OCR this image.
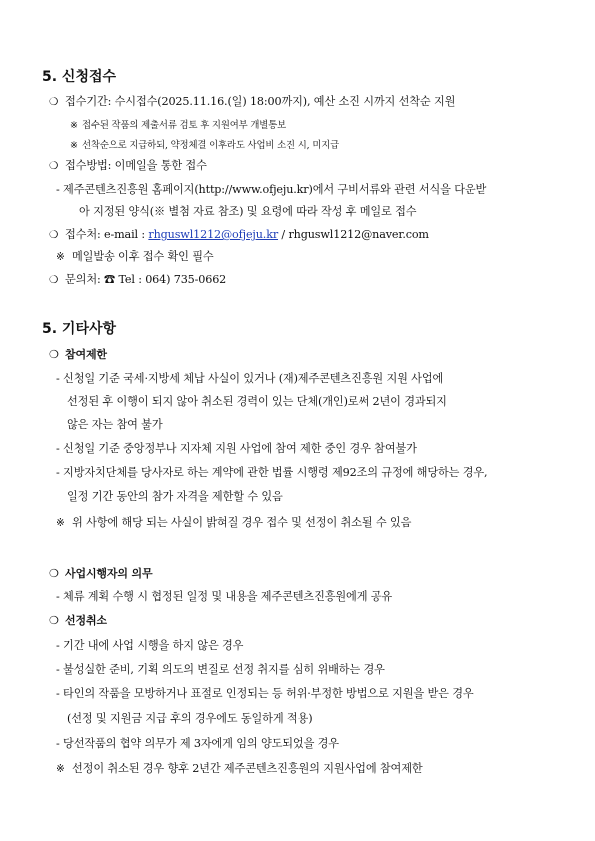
5. 신청접수
❍ 접수기간: 수시접수(2025.11.16.(일) 18:00까지), 예산 소진 시까지 선착순 지원
※ 접수된 작품의 제출서류 검토 후 지원여부 개별통보
※ 선착순으로 지급하되, 약정체결 이후라도 사업비 소진 시, 미지급
❍ 접수방법: 이메일을 통한 접수
- 제주콘텐츠진흥원 홈페이지(http://www.ofjeju.kr)에서 구비서류와 관련 서식을 다운받
아 지정된 양식(※ 별첨 자료 참조) 및 요령에 따라 작성 후 메일로 접수
❍ 접수처: e-mail : rhguswl1212@ofjeju.kr / rhguswl1212@naver.com
※ 메일발송 이후 접수 확인 필수
❍ 문의처: ☎ Tel : 064) 735-0662
5. 기타사항
❍ 참여제한
- 신청일 기준 국세·지방세 체납 사실이 있거나 (재)제주콘텐츠진흥원 지원 사업에
선정된 후 이행이 되지 않아 취소된 경력이 있는 단체(개인)로써 2년이 경과되지
않은 자는 참여 불가
- 신청일 기준 중앙정부나 지자체 지원 사업에 참여 제한 중인 경우 참여불가
- 지방자치단체를 당사자로 하는 계약에 관한 법률 시행령 제92조의 규정에 해당하는 경우,
일정 기간 동안의 참가 자격을 제한할 수 있음
※ 위 사항에 해당 되는 사실이 밝혀질 경우 접수 및 선정이 취소될 수 있음
❍ 사업시행자의 의무
- 체류 계획 수행 시 협정된 일정 및 내용을 제주콘텐츠진흥원에게 공유
❍ 선정취소
- 기간 내에 사업 시행을 하지 않은 경우
- 불성실한 준비, 기획 의도의 변질로 선정 취지를 심히 위배하는 경우
- 타인의 작품을 모방하거나 표절로 인정되는 등 허위·부정한 방법으로 지원을 받은 경우
(선정 및 지원금 지급 후의 경우에도 동일하게 적용)
- 당선작품의 협약 의무가 제 3자에게 임의 양도되었을 경우
※ 선정이 취소된 경우 향후 2년간 제주콘텐츠진흥원의 지원사업에 참여제한
